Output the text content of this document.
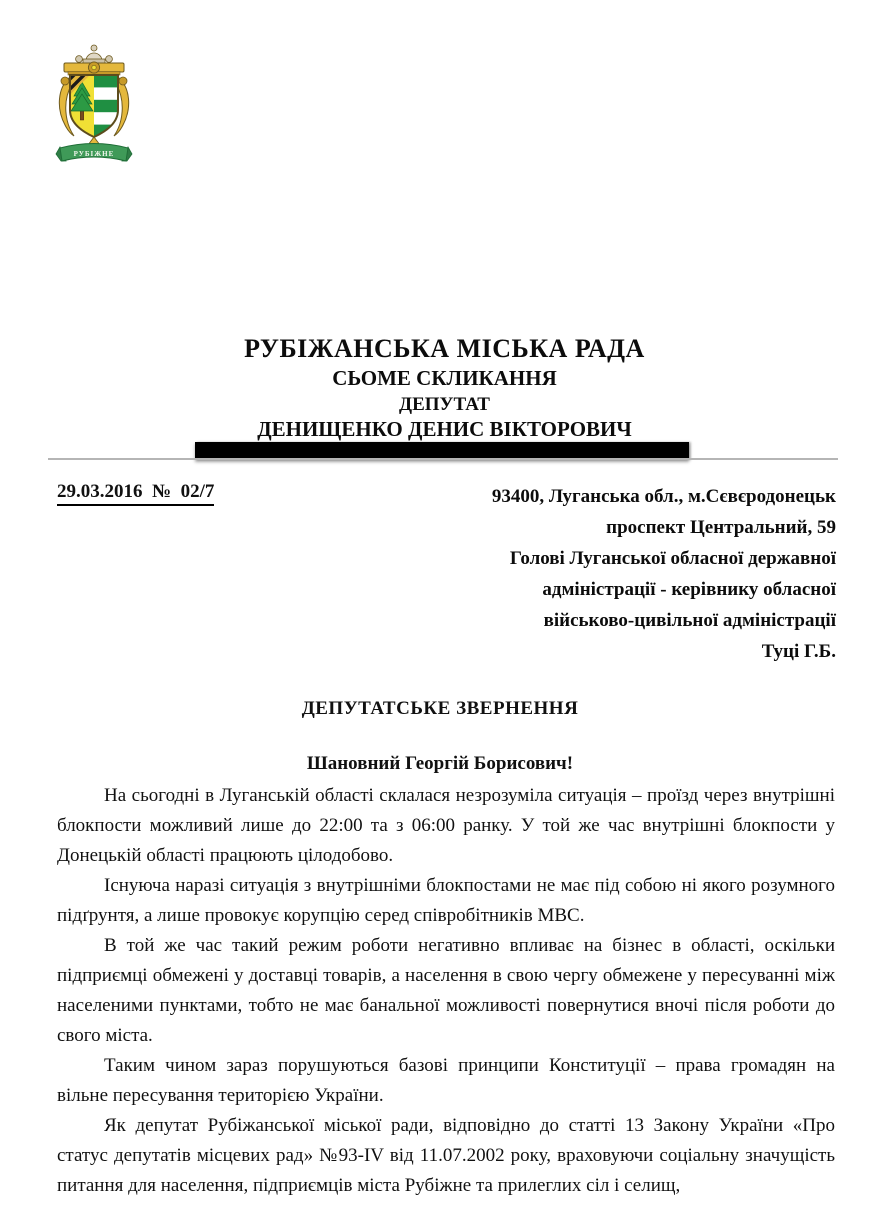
РУБІЖНЕ
РУБІЖАНСЬКА МІСЬКА РАДА
СЬОМЕ СКЛИКАННЯ
ДЕПУТАТ
ДЕНИЩЕНКО ДЕНИС ВІКТОРОВИЧ
29.03.2016  №  02/7	93400, Луганська обл., м.Сєвєродонецьк
проспект Центральний, 59
Голові Луганської обласної державної
адміністрації - керівнику обласної
військово-цивільної адміністрації
Туці Г.Б.
ДЕПУТАТСЬКЕ ЗВЕРНЕННЯ
Шановний Георгій Борисович!

На сьогодні в Луганській області склалася незрозуміла ситуація – проїзд через внутрішні блокпости можливий лише до 22:00 та з 06:00 ранку. У той же час внутрішні блокпости у Донецькій області працюють цілодобово.

Існуюча наразі ситуація з внутрішніми блокпостами не має під собою ні якого розумного підґрунтя, а лише провокує корупцію серед співробітників МВС.

В той же час такий режим роботи негативно впливає на бізнес в області, оскільки підприємці обмежені у доставці товарів, а населення в свою чергу обмежене у пересуванні між населеними пунктами, тобто не має банальної можливості повернутися вночі після роботи до свого міста.

Таким чином зараз порушуються базові принципи Конституції – права громадян на вільне пересування територією України.

Як депутат Рубіжанської міської ради, відповідно до статті 13 Закону України «Про статус депутатів місцевих рад» №93-IV від 11.07.2002 року, враховуючи соціальну значущість питання для населення, підприємців міста Рубіжне та прилеглих сіл і селищ,
